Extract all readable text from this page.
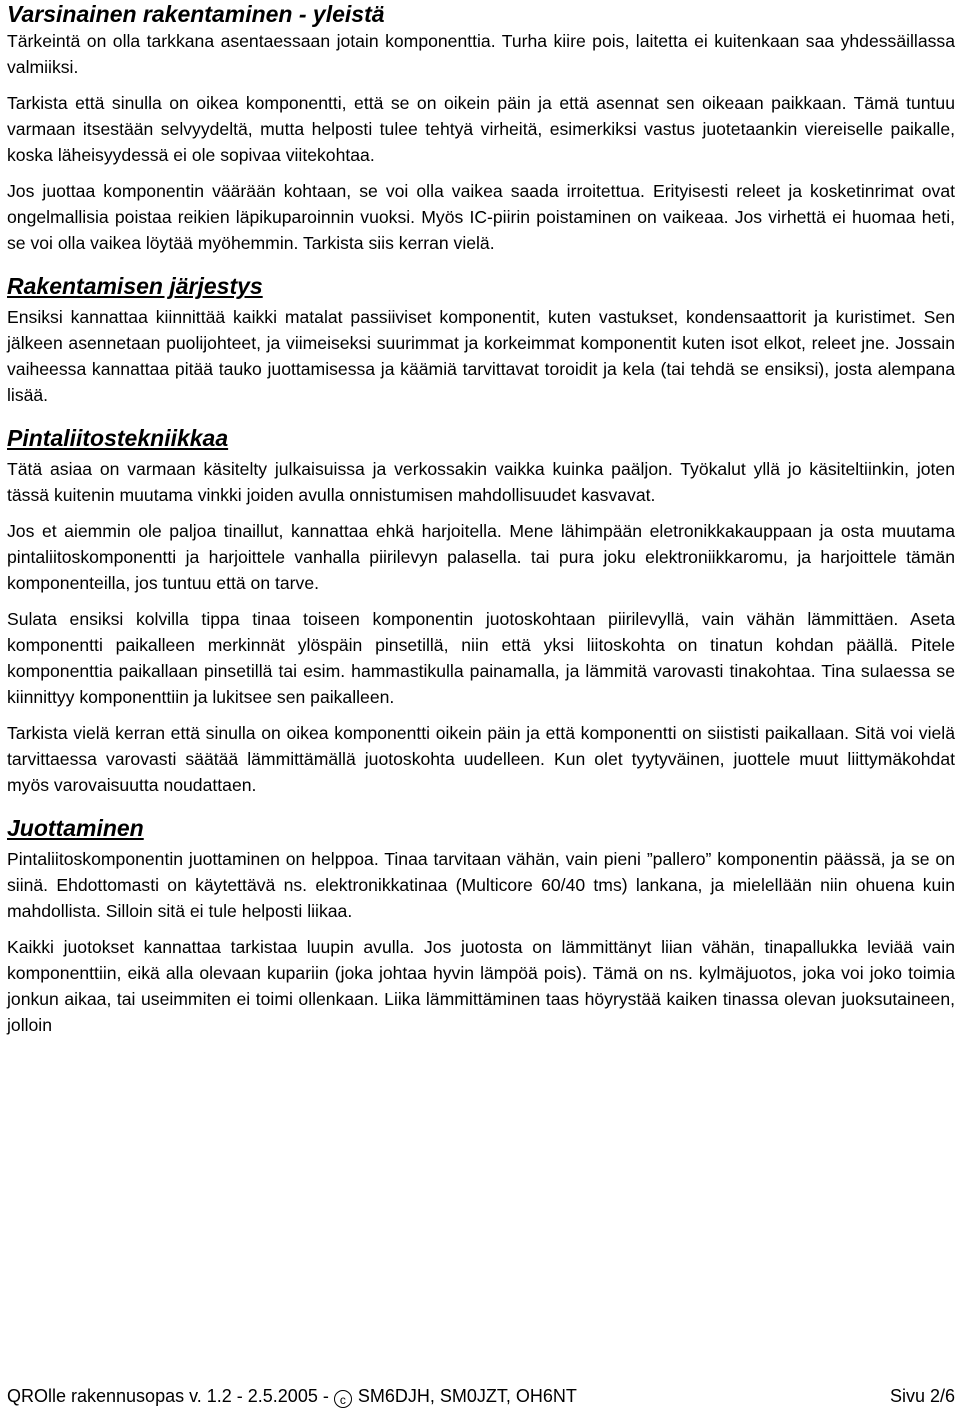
Varsinainen rakentaminen - yleistä

Tärkeintä on olla tarkkana asentaessaan jotain komponenttia. Turha kiire pois, laitetta ei kuitenkaan saa yhdessäillassa valmiiksi.

Tarkista että sinulla on oikea komponentti, että se on oikein päin ja että asennat sen oikeaan paikkaan. Tämä tuntuu varmaan itsestään selvyydeltä, mutta helposti tulee tehtyä virheitä, esimerkiksi vastus juotetaankin viereiselle paikalle, koska läheisyydessä ei ole sopivaa viitekohtaa.

Jos juottaa komponentin väärään kohtaan, se voi olla vaikea saada irroitettua. Erityisesti releet ja kosketinrimat ovat ongelmallisia poistaa reikien läpikuparoinnin vuoksi. Myös IC-piirin poistaminen on vaikeaa. Jos virhettä ei huomaa heti, se voi olla vaikea löytää myöhemmin. Tarkista siis kerran vielä.

Rakentamisen järjestys

Ensiksi kannattaa kiinnittää kaikki matalat passiiviset komponentit, kuten vastukset, kondensaattorit ja kuristimet. Sen jälkeen asennetaan puolijohteet, ja viimeiseksi suurimmat ja korkeimmat komponentit kuten isot elkot, releet jne. Jossain vaiheessa kannattaa pitää tauko juottamisessa ja käämiä tarvittavat toroidit ja kela (tai tehdä se ensiksi), josta alempana lisää.

Pintaliitostekniikkaa

Tätä asiaa on varmaan käsitelty julkaisuissa ja verkossakin vaikka kuinka paäljon. Työkalut yllä jo käsiteltiinkin, joten tässä kuitenin muutama vinkki joiden avulla onnistumisen mahdollisuudet kasvavat.

Jos et aiemmin ole paljoa tinaillut, kannattaa ehkä harjoitella. Mene lähimpään eletronikkakauppaan ja osta muutama pintaliitoskomponentti ja harjoittele vanhalla piirilevyn palasella. tai pura joku elektroniikkaromu, ja harjoittele tämän komponenteilla, jos tuntuu että on tarve.

Sulata ensiksi kolvilla tippa tinaa toiseen komponentin juotoskohtaan piirilevyllä, vain vähän lämmittäen. Aseta komponentti paikalleen merkinnät ylöspäin pinsetillä, niin että yksi liitoskohta on tinatun kohdan päällä. Pitele komponenttia paikallaan pinsetillä tai esim. hammastikulla painamalla, ja lämmitä varovasti tinakohtaa. Tina sulaessa se kiinnittyy komponenttiin ja lukitsee sen paikalleen.

Tarkista vielä kerran että sinulla on oikea komponentti oikein päin ja että komponentti on siististi paikallaan. Sitä voi vielä tarvittaessa varovasti säätää lämmittämällä juotoskohta uudelleen. Kun olet tyytyväinen, juottele muut liittymäkohdat myös varovaisuutta noudattaen.

Juottaminen

Pintaliitoskomponentin juottaminen on helppoa. Tinaa tarvitaan vähän, vain pieni ”pallero” komponentin päässä, ja se on siinä. Ehdottomasti on käytettävä ns. elektronikkatinaa (Multicore 60/40 tms) lankana, ja mielellään niin ohuena kuin mahdollista. Silloin sitä ei tule helposti liikaa.

Kaikki juotokset kannattaa tarkistaa luupin avulla. Jos juotosta on lämmittänyt liian vähän, tinapallukka leviää vain komponenttiin, eikä alla olevaan kupariin (joka johtaa hyvin lämpöä pois). Tämä on ns. kylmäjuotos, joka voi joko toimia jonkun aikaa, tai useimmiten ei toimi ollenkaan. Liika lämmittäminen taas höyrystää kaiken tinassa olevan juoksutaineen, jolloin

QROlle rakennusopas v. 1.2 - 2.5.2005 - c SM6DJH, SM0JZT, OH6NT	Sivu 2/6
